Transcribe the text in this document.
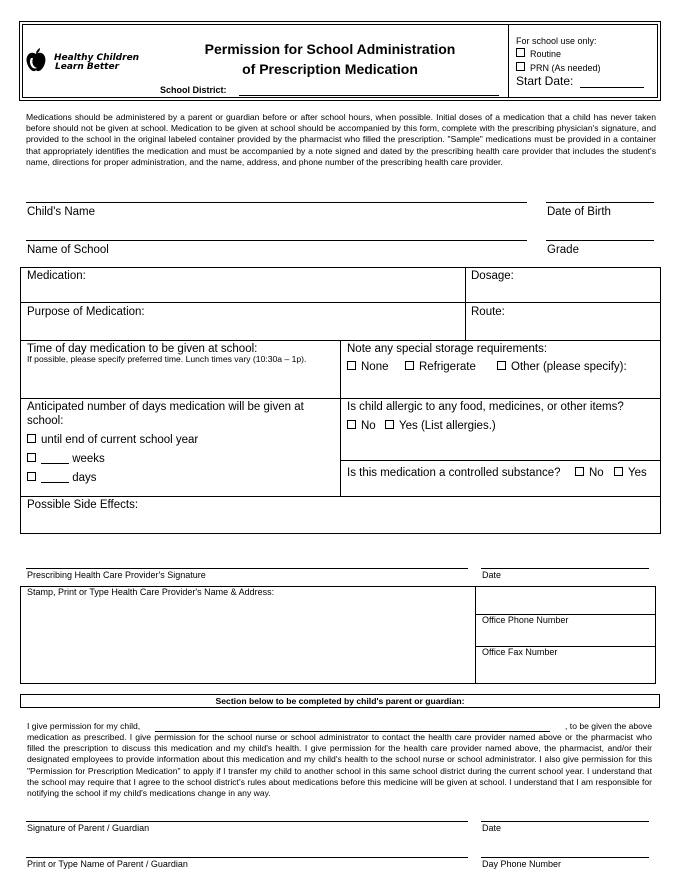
Healthy Children
Learn Better
Permission for School Administration
of Prescription Medication
School District:
For school use only:
Routine
PRN (As needed)
Start Date:
Medications should be administered by a parent or guardian before or after school hours, when possible. Initial doses of a medication that a child has never taken before should not be given at school. Medication to be given at school should be accompanied by this form, complete with the prescribing physician's signature, and provided to the school in the original labeled container provided by the pharmacist who filled the prescription. "Sample" medications must be provided in a container that appropriately identifies the medication and must be accompanied by a note signed and dated by the prescribing health care provider that includes the student's name, directions for proper administration, and the name, address, and phone number of the prescribing health care provider.
Child's Name	Date of Birth
Name of School	Grade
Medication:	Dosage:
Purpose of Medication:	Route:
Time of day medication to be given at school:
If possible, please specify preferred time. Lunch times vary (10:30a – 1p).
Note any special storage requirements:
None	Refrigerate	Other (please specify):
Anticipated number of days medication will be given at school:
until end of current school year
weeks
days
Is child allergic to any food, medicines, or other items?
No	Yes (List allergies.)
Is this medication a controlled substance?	No	Yes
Possible Side Effects:
Prescribing Health Care Provider's Signature	Date
Stamp, Print or Type Health Care Provider's Name & Address:
Office Phone Number
Office Fax Number
Section below to be completed by child's parent or guardian:
I give permission for my child,	, to be given the above
medication as prescribed. I give permission for the school nurse or school administrator to contact the health care provider named above or the pharmacist who filled the prescription to discuss this medication and my child's health. I give permission for the health care provider named above, the pharmacist, and/or their designated employees to provide information about this medication and my child's health to the school nurse or school administrator. I also give permission for this "Permission for Prescription Medication" to apply if I transfer my child to another school in this same school district during the current school year. I understand that the school may require that I agree to the school district's rules about medications before this medicine will be given at school. I understand that I am responsible for notifying the school if my child's medications change in any way.
Signature of Parent / Guardian	Date
Print or Type Name of Parent / Guardian	Day Phone Number
